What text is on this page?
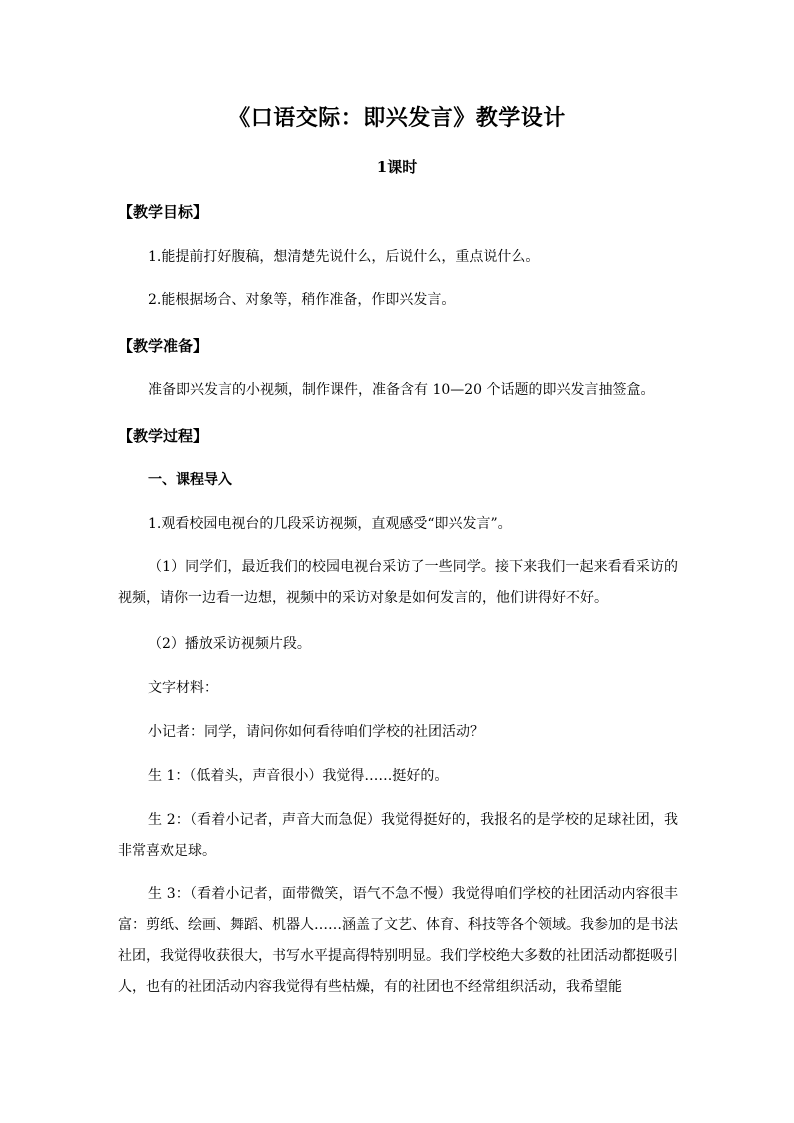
《口语交际：即兴发言》教学设计
1课时
【教学目标】
1.能提前打好腹稿，想清楚先说什么，后说什么，重点说什么。
2.能根据场合、对象等，稍作准备，作即兴发言。
【教学准备】
准备即兴发言的小视频，制作课件，准备含有 10—20 个话题的即兴发言抽签盒。
【教学过程】
一、课程导入
1.观看校园电视台的几段采访视频，直观感受“即兴发言”。
（1）同学们，最近我们的校园电视台采访了一些同学。接下来我们一起来看看采访的视频，请你一边看一边想，视频中的采访对象是如何发言的，他们讲得好不好。
（2）播放采访视频片段。
文字材料：
小记者：同学，请问你如何看待咱们学校的社团活动？
生 1：（低着头，声音很小）我觉得……挺好的。
生 2：（看着小记者，声音大而急促）我觉得挺好的，我报名的是学校的足球社团，我非常喜欢足球。
生 3：（看着小记者，面带微笑，语气不急不慢）我觉得咱们学校的社团活动内容很丰富：剪纸、绘画、舞蹈、机器人……涵盖了文艺、体育、科技等各个领域。我参加的是书法社团，我觉得收获很大，书写水平提高得特别明显。我们学校绝大多数的社团活动都挺吸引人，也有的社团活动内容我觉得有些枯燥，有的社团也不经常组织活动，我希望能
